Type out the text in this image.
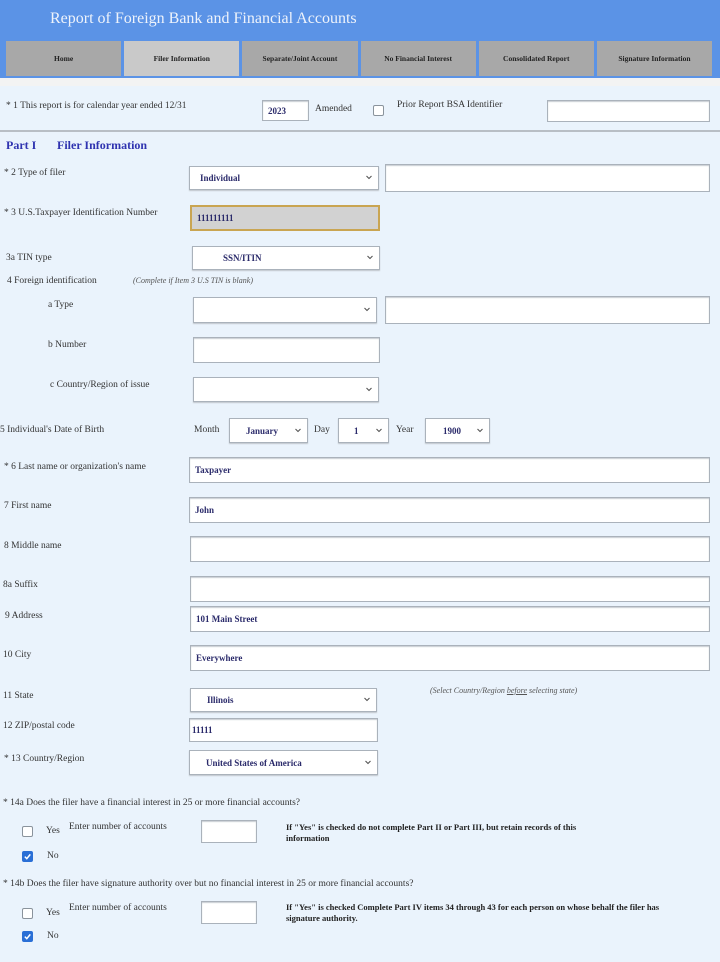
Report of Foreign Bank and Financial Accounts
Home	Filer Information	Separate/Joint Account	No Financial Interest	Consolidated Report	Signature Information
* 1 This report is for calendar year ended 12/31	2023	Amended	Prior Report BSA Identifier
Part I Filer Information
* 2 Type of filer	Individual
* 3 U.S.Taxpayer Identification Number	111111111
3a TIN type	SSN/ITIN
4 Foreign identification	(Complete if Item 3 U.S TIN is blank)
a Type
b Number
c Country/Region of issue
5 Individual's Date of Birth	Month	January	Day	1	Year	1900
* 6 Last name or organization's name	Taxpayer
7 First name	John
8 Middle name
8a Suffix
9 Address	101 Main Street
10 City	Everywhere
11 State	Illinois
(Select Country/Region before selecting state)
12 ZIP/postal code	11111
* 13 Country/Region	United States of America
* 14a Does the filer have a financial interest in 25 or more financial accounts?
Yes Enter number of accounts	If "Yes" is checked do not complete Part II or Part III, but retain records of this information
No
* 14b Does the filer have signature authority over but no financial interest in 25 or more financial accounts?
Yes Enter number of accounts	If "Yes" is checked Complete Part IV items 34 through 43 for each person on whose behalf the filer has signature authority.
No
